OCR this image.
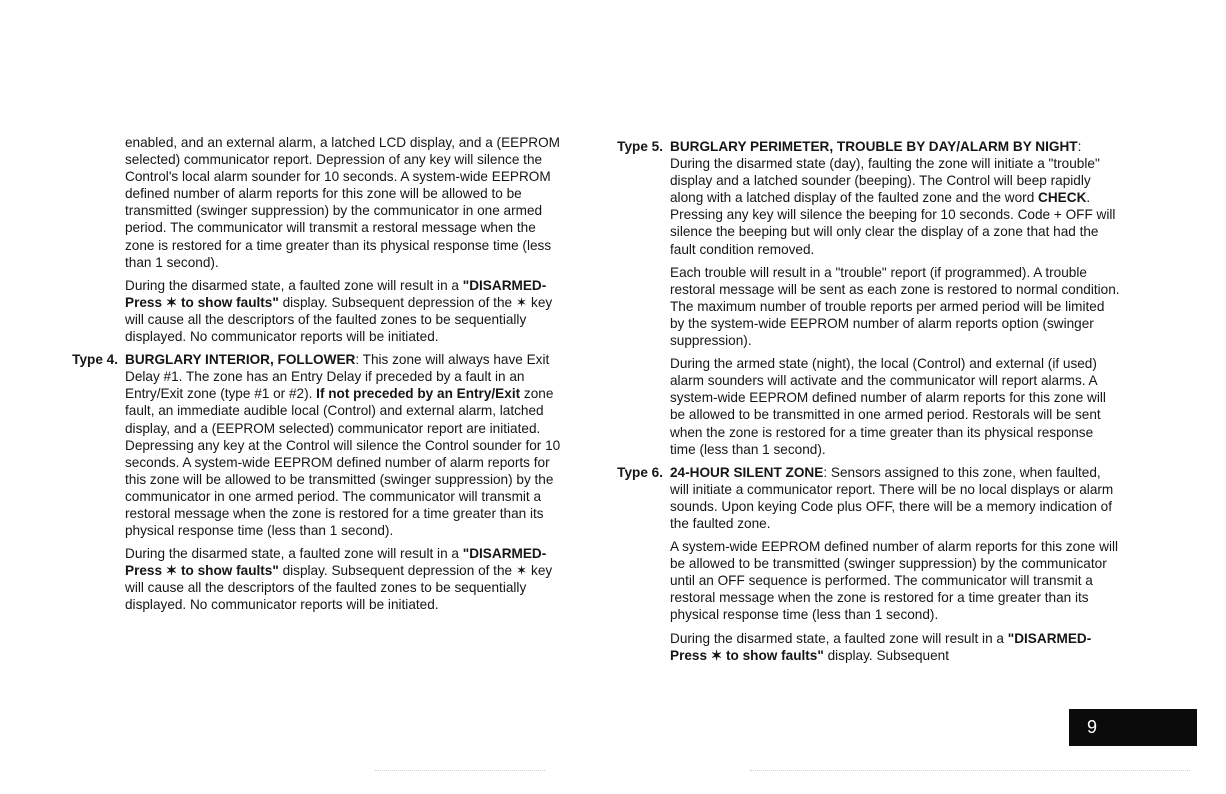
enabled, and an external alarm, a latched LCD display, and a (EEPROM selected) communicator report. Depression of any key will silence the Control's local alarm sounder for 10 seconds. A system-wide EEPROM defined number of alarm reports for this zone will be allowed to be transmitted (swinger suppression) by the communicator in one armed period. The communicator will transmit a restoral message when the zone is restored for a time greater than its physical response time (less than 1 second).

During the disarmed state, a faulted zone will result in a "DISARMED-Press ✶ to show faults" display. Subsequent depression of the ✶ key will cause all the descriptors of the faulted zones to be sequentially displayed. No communicator reports will be initiated.

Type 4. BURGLARY INTERIOR, FOLLOWER: This zone will always have Exit Delay #1. The zone has an Entry Delay if preceded by a fault in an Entry/Exit zone (type #1 or #2). If not preceded by an Entry/Exit zone fault, an immediate audible local (Control) and external alarm, latched display, and a (EEPROM selected) communicator report are initiated. Depressing any key at the Control will silence the Control sounder for 10 seconds. A system-wide EEPROM defined number of alarm reports for this zone will be allowed to be transmitted (swinger suppression) by the communicator in one armed period. The communicator will transmit a restoral message when the zone is restored for a time greater than its physical response time (less than 1 second).

During the disarmed state, a faulted zone will result in a "DISARMED-Press ✶ to show faults" display. Subsequent depression of the ✶ key will cause all the descriptors of the faulted zones to be sequentially displayed. No communicator reports will be initiated.

Type 5. BURGLARY PERIMETER, TROUBLE BY DAY/ALARM BY NIGHT: During the disarmed state (day), faulting the zone will initiate a "trouble" display and a latched sounder (beeping). The Control will beep rapidly along with a latched display of the faulted zone and the word CHECK. Pressing any key will silence the beeping for 10 seconds. Code + OFF will silence the beeping but will only clear the display of a zone that had the fault condition removed.

Each trouble will result in a "trouble" report (if programmed). A trouble restoral message will be sent as each zone is restored to normal condition. The maximum number of trouble reports per armed period will be limited by the system-wide EEPROM number of alarm reports option (swinger suppression).

During the armed state (night), the local (Control) and external (if used) alarm sounders will activate and the communicator will report alarms. A system-wide EEPROM defined number of alarm reports for this zone will be allowed to be transmitted in one armed period. Restorals will be sent when the zone is restored for a time greater than its physical response time (less than 1 second).

Type 6. 24-HOUR SILENT ZONE: Sensors assigned to this zone, when faulted, will initiate a communicator report. There will be no local displays or alarm sounds. Upon keying Code plus OFF, there will be a memory indication of the faulted zone.

A system-wide EEPROM defined number of alarm reports for this zone will be allowed to be transmitted (swinger suppression) by the communicator until an OFF sequence is performed. The communicator will transmit a restoral message when the zone is restored for a time greater than its physical response time (less than 1 second).

During the disarmed state, a faulted zone will result in a "DISARMED-Press ✶ to show faults" display. Subsequent

9
